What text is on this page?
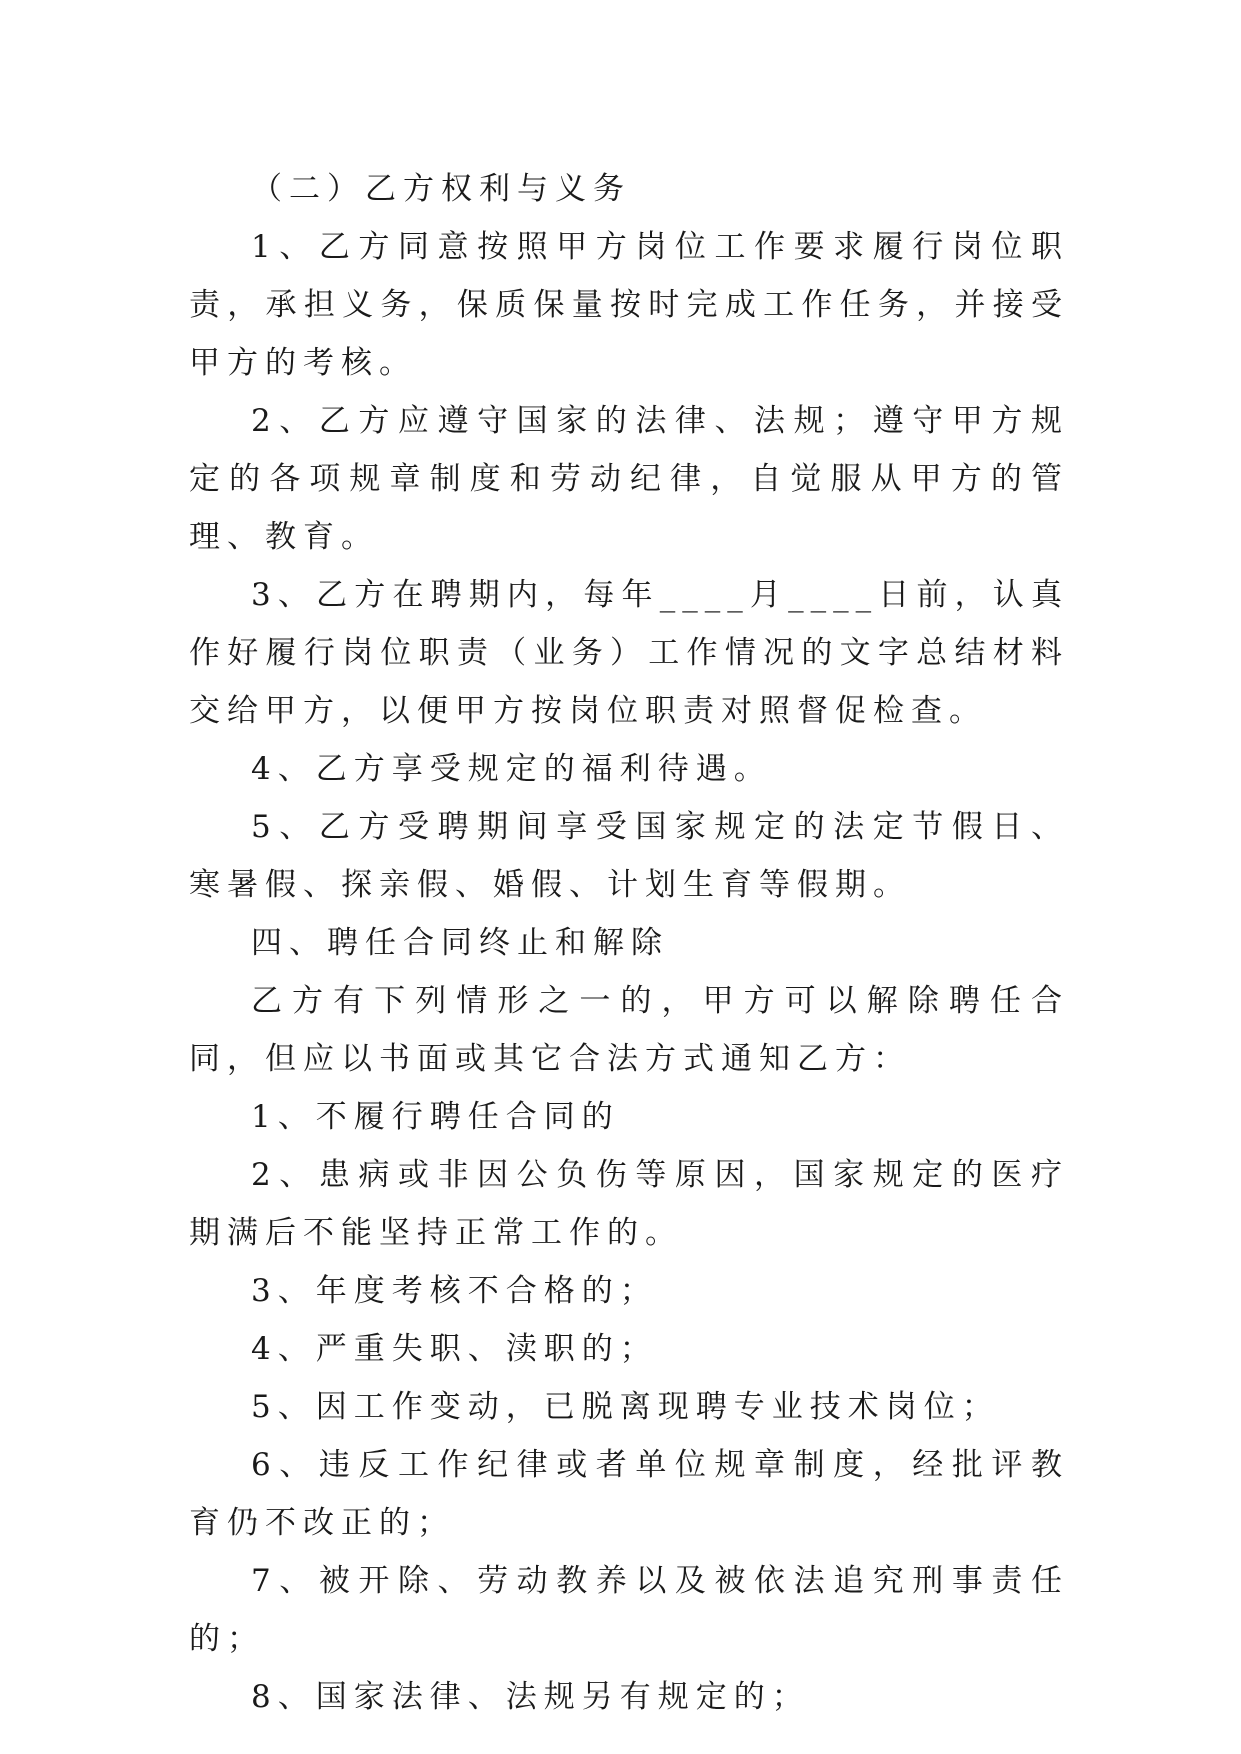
（二）乙方权利与义务

1、乙方同意按照甲方岗位工作要求履行岗位职责，承担义务，保质保量按时完成工作任务，并接受甲方的考核。

2、乙方应遵守国家的法律、法规；遵守甲方规定的各项规章制度和劳动纪律，自觉服从甲方的管理、教育。

3、乙方在聘期内，每年____月____日前，认真作好履行岗位职责（业务）工作情况的文字总结材料交给甲方，以便甲方按岗位职责对照督促检查。

4、乙方享受规定的福利待遇。

5、乙方受聘期间享受国家规定的法定节假日、寒暑假、探亲假、婚假、计划生育等假期。

四、聘任合同终止和解除

乙方有下列情形之一的，甲方可以解除聘任合同，但应以书面或其它合法方式通知乙方：

1、不履行聘任合同的

2、患病或非因公负伤等原因，国家规定的医疗期满后不能坚持正常工作的。

3、年度考核不合格的；

4、严重失职、渎职的；

5、因工作变动，已脱离现聘专业技术岗位；

6、违反工作纪律或者单位规章制度，经批评教育仍不改正的；

7、被开除、劳动教养以及被依法追究刑事责任的；

8、国家法律、法规另有规定的；
